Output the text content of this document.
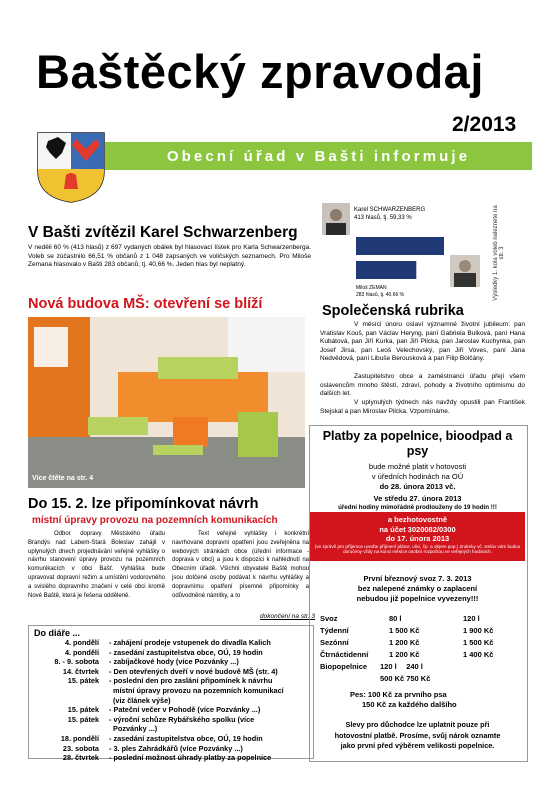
Baštěcký zpravodaj
2/2013
Obecní úřad v Bašti informuje
V Bašti zvítězil Karel Schwarzenberg
V neděli 60 % (413 hlasů) z 697 vydaných obálek byl hlasovací lístek pro Karla Schwarzenberga. Voleb se zúčastnilo 66,51 % občanů z 1 048 zapsaných ve voličských seznamech. Pro Miloše Zemana hlasovalo v Bašti 283 občanů, tj. 40,66 %. Jeden hlas byl neplatný.
Karel SCHWARZENBERG
413 hlasů, tj. 59,33 %
Miloš ZEMAN
283 hlasů, tj. 40,66 %	Výsledky 1. kola voleb naleznete na str. 3
Nová budova MŠ: otevření se blíží
Více čtěte na str. 4
Společenská rubrika
V měsíci únoru oslaví významné životní jubileum: pan Vratislav Kouš, pan Václav Heryng, paní Gabriela Bulková, paní Hana Kubátová, pan Jiří Kurka, pan Jiří Pilcka, pan Jaroslav Kuchynka, pan Josef Jirsa, pan Leoš Velechovský, pan Jiří Voves, paní Jana Nedvědová, paní Libuše Berousková a pan Filip Bolčány.
Zastupitelstvo obce a zaměstnanci úřadu přejí všem oslavencům mnoho štěstí, zdraví, pohody a životního optimismu do dalších let.
V uplynulých týdnech nás navždy opustili pan František Stejskal a pan Miroslav Pilcka. Vzpomínáme.
Do 15. 2. lze připomínkovat návrh
místní úpravy provozu na pozemních komunikacích
Odbor dopravy Městského úřadu Brandýs nad Labem-Stará Boleslav zahájil v uplynulých dnech projednávání veřejné vyhlášky o návrhu stanovení úpravy provozu na pozemních komunikacích v obci Bašť. Vyhláška bude upravovat dopravní režim a umístění vodorovného a svislého dopravního značení v celé obci kromě Nové Baště, která je řešena odděleně.
Text veřejné vyhlášky i konkrétní navrhované dopravní opatření jsou zveřejněna na webových stránkách obce (úřední informace - doprava v obci) a jsou k dispozici k nahlédnutí na Obecním úřadě. Všichni obyvatelé Baště mohou jsou dotčené osoby podávat k návrhu vyhlášky a dopravnímu opatření písemné připomínky a odůvodněné námitky, a to
dokončení na str. 3
Do diáře ...
4. pondělí	- zahájení prodeje vstupenek do divadla Kalich
4. pondělí	- zasedání zastupitelstva obce, OÚ, 19 hodin
8. - 9. sobota	- zabíjačkové hody (více Pozvánky ...)
14. čtvrtek	- Den otevřených dveří v nové budově MŠ (str. 4)
15. pátek	- poslední den pro zaslání připomínek k návrhu
	místní úpravy provozu na pozemních komunikací
	(viz článek výše)
15. pátek	- Pateční večer v Pohodě (více Pozvánky ...)
15. pátek	- výroční schůze Rybářského spolku (více
	Pozvánky ...)
18. pondělí	- zasedání zastupitelstva obce, OÚ, 19 hodin
23. sobota	- 3. ples Zahrádkářů (více Pozvánky ...)
28. čtvrtek	- poslední možnost úhrady platby za popelnice
Platby za popelnice, bioodpad a psy
bude možné platit v hotovosti
v úředních hodinách na OÚ
do 28. února 2013 vč.
Ve středu 27. února 2013
úřední hodiny mimořádně prodlouženy do 19 hodin !!!
a bezhotovostně
na účet 3020082/0300
do 17. února 2013
(ve zprávě pro příjemce uveďte příjmení plátce, ulici, čp. a objem pop.) Známky vč. smlúv vám budou doručeny vždy na konci měsíce osobní rozpočtou ve veřejných hodinách.
První březnový svoz 7. 3. 2013
bez nalepené známky o zaplacení
nebudou již popelnice vyvezeny!!!
Svoz	80 l	120 l
Týdenní	1 500 Kč	1 900 Kč
Sezónní	1 200 Kč	1 500 Kč
Čtrnáctidenní	1 200 Kč	1 400 Kč
Biopopelnice	120 l	240 l
	500 Kč	750 Kč
Pes: 100 Kč za prvního psa
150 Kč za každého dalšího
Slevy pro důchodce lze uplatnit pouze při
hotovostní platbě. Prosíme, svůj nárok oznamte
jako první před výběrem velikosti popelnice.
